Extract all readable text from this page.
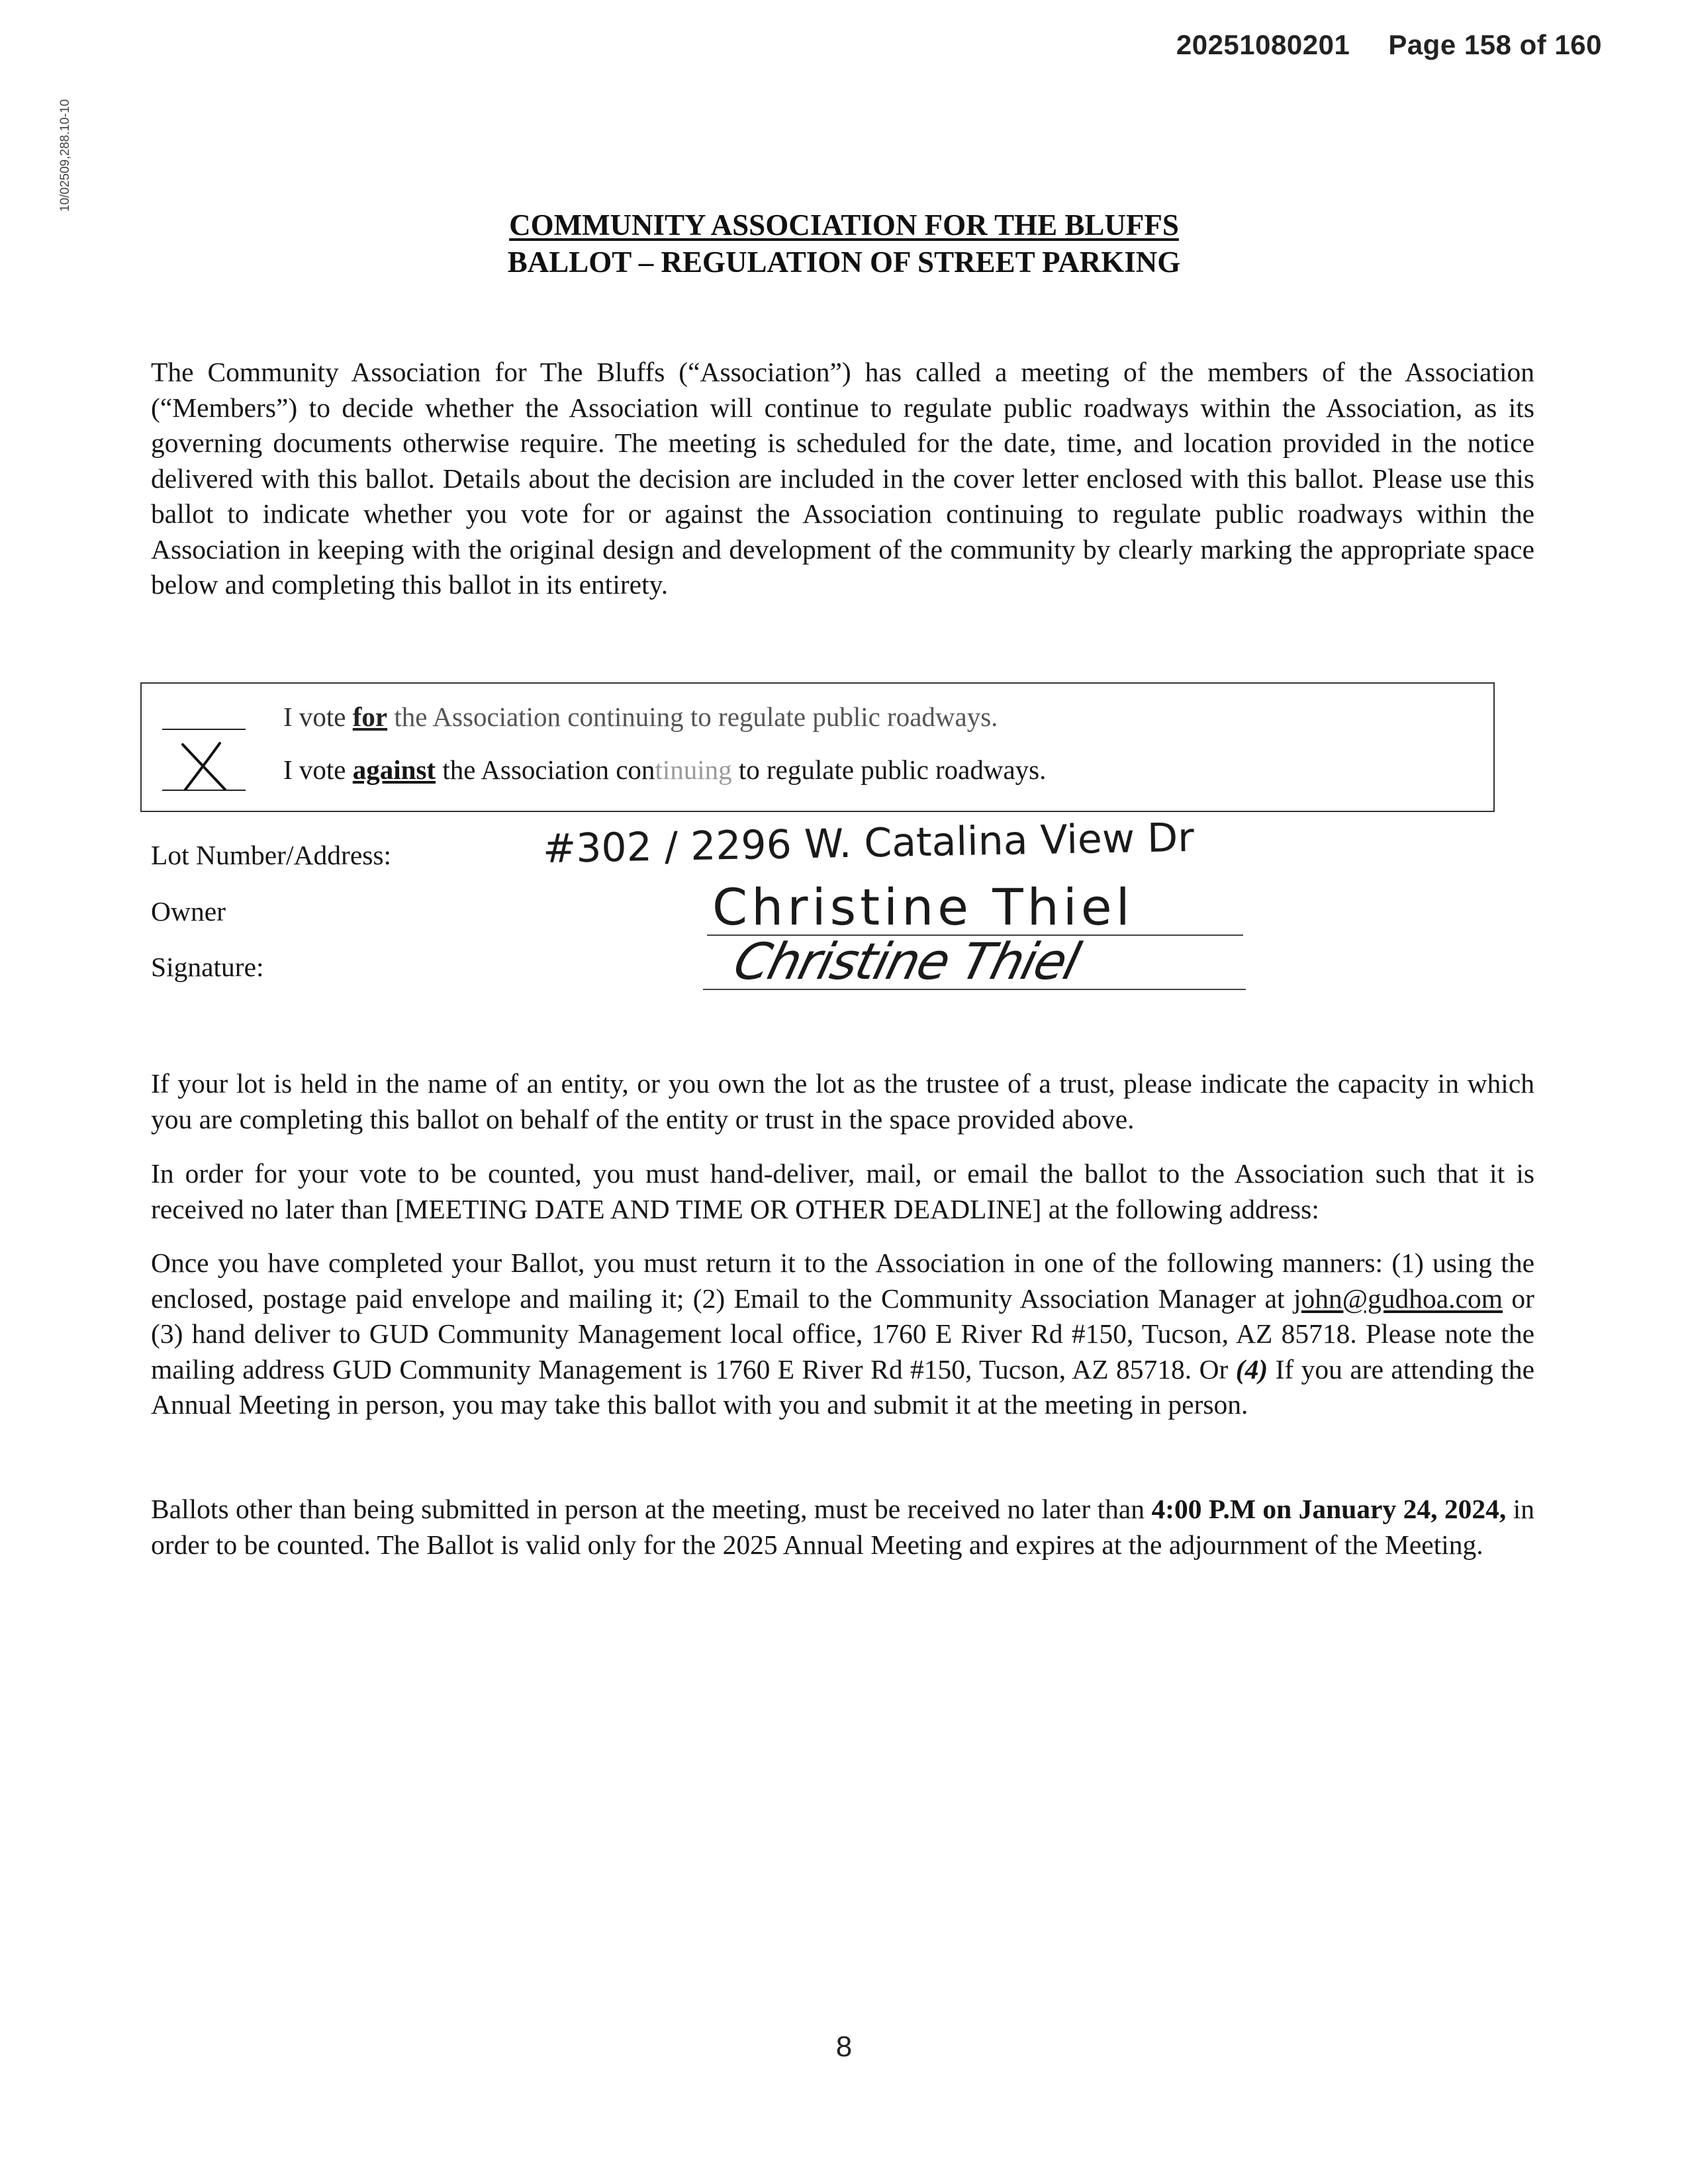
20251080201 Page 158 of 160
10/02509,288.10-10
COMMUNITY ASSOCIATION FOR THE BLUFFS
BALLOT – REGULATION OF STREET PARKING
The Community Association for The Bluffs (“Association”) has called a meeting of the members of the Association (“Members”) to decide whether the Association will continue to regulate public roadways within the Association, as its governing documents otherwise require. The meeting is scheduled for the date, time, and location provided in the notice delivered with this ballot. Details about the decision are included in the cover letter enclosed with this ballot. Please use this ballot to indicate whether you vote for or against the Association continuing to regulate public roadways within the Association in keeping with the original design and development of the community by clearly marking the appropriate space below and completing this ballot in its entirety.
I vote for the Association continuing to regulate public roadways.
I vote against the Association continuing to regulate public roadways.
Lot Number/Address:	#302 / 2296 W. Catalina View Dr
Owner	Christine Thiel
Signature:	Christine Thiel
If your lot is held in the name of an entity, or you own the lot as the trustee of a trust, please indicate the capacity in which you are completing this ballot on behalf of the entity or trust in the space provided above.
In order for your vote to be counted, you must hand-deliver, mail, or email the ballot to the Association such that it is received no later than [MEETING DATE AND TIME OR OTHER DEADLINE] at the following address:
Once you have completed your Ballot, you must return it to the Association in one of the following manners: (1) using the enclosed, postage paid envelope and mailing it; (2) Email to the Community Association Manager at john@gudhoa.com or (3) hand deliver to GUD Community Management local office, 1760 E River Rd #150, Tucson, AZ 85718. Please note the mailing address GUD Community Management is 1760 E River Rd #150, Tucson, AZ 85718. Or (4) If you are attending the Annual Meeting in person, you may take this ballot with you and submit it at the meeting in person.
Ballots other than being submitted in person at the meeting, must be received no later than 4:00 P.M on January 24, 2024, in order to be counted. The Ballot is valid only for the 2025 Annual Meeting and expires at the adjournment of the Meeting.
8
